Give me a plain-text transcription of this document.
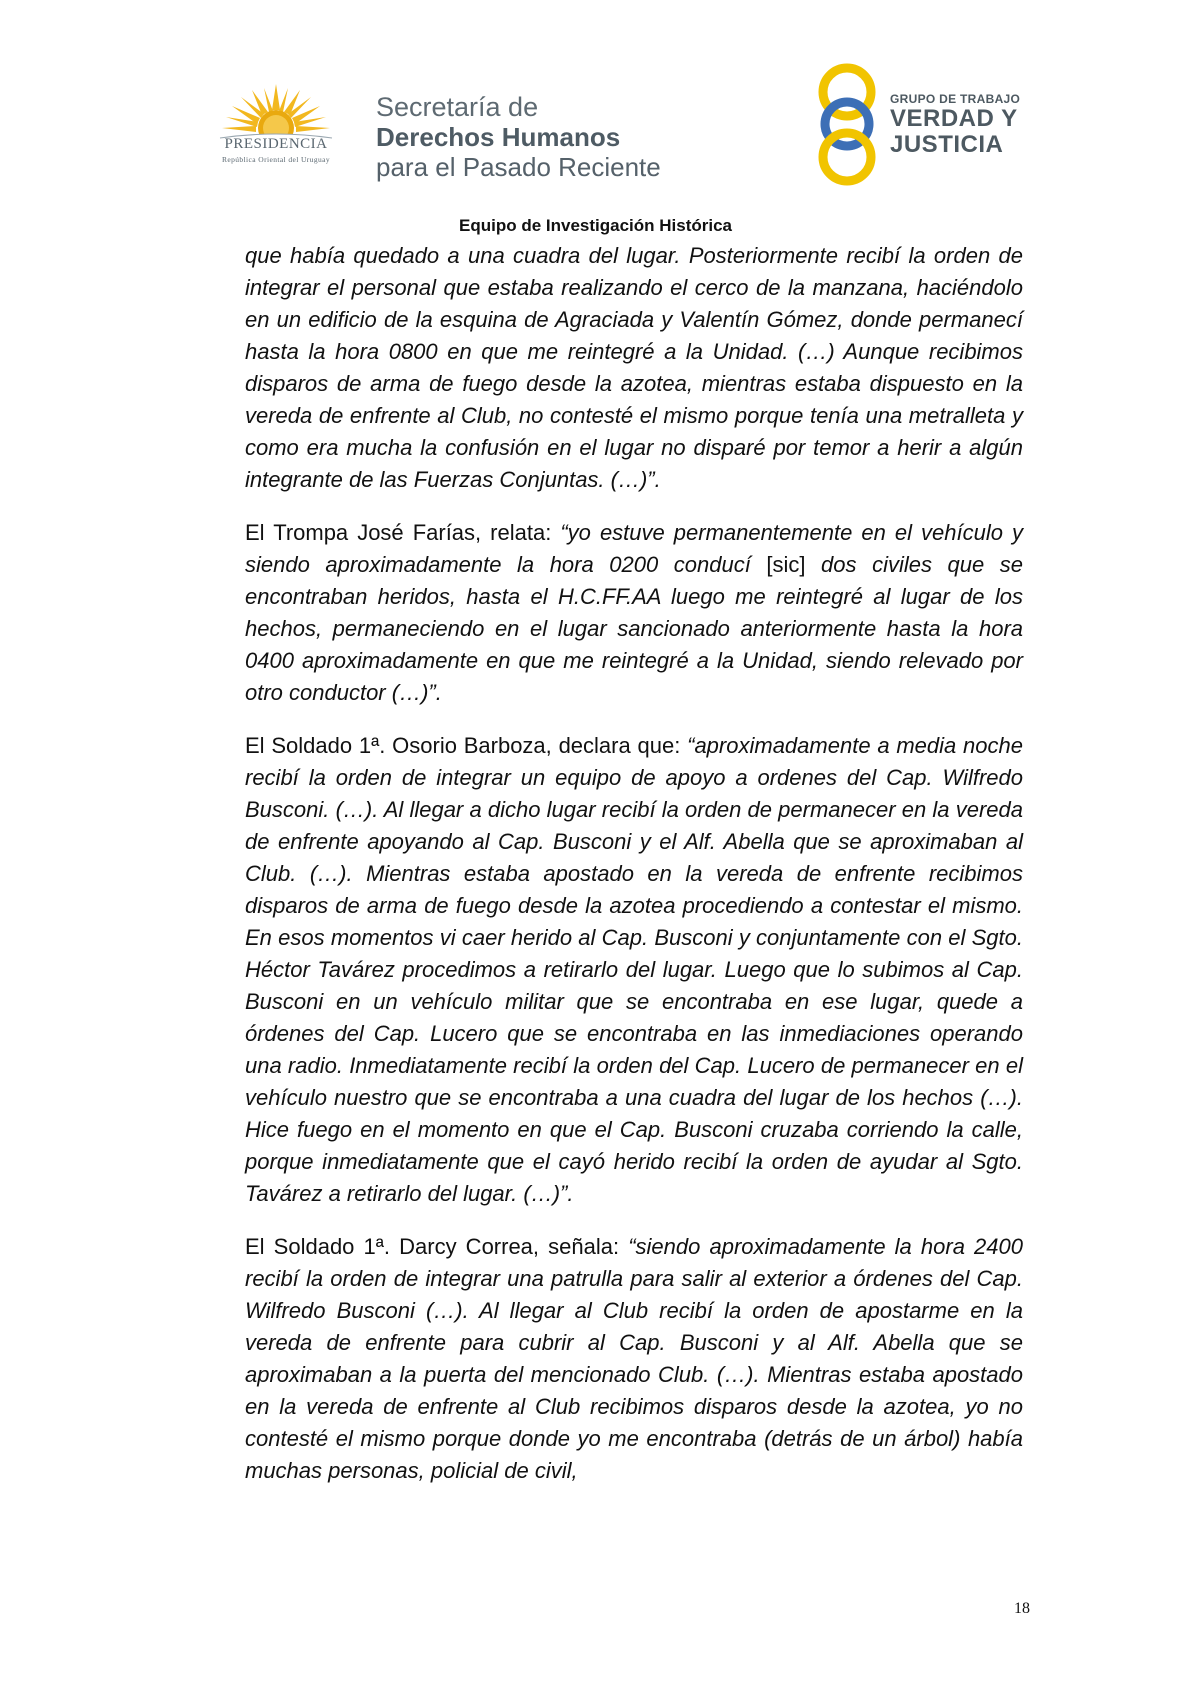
PRESIDENCIA
República Oriental del Uruguay
Secretaría de
Derechos Humanos
para el Pasado Reciente
GRUPO DE TRABAJO
VERDAD Y
JUSTICIA
Equipo de Investigación Histórica

que había quedado a una cuadra del lugar. Posteriormente recibí la orden de integrar el personal que estaba realizando el cerco de la manzana, haciéndolo en un edificio de la esquina de Agraciada y Valentín Gómez, donde permanecí hasta la hora 0800 en que me reintegré a la Unidad. (…) Aunque recibimos disparos de arma de fuego desde la azotea, mientras estaba dispuesto en la vereda de enfrente al Club, no contesté el mismo porque tenía una metralleta y como era mucha la confusión en el lugar no disparé por temor a herir a algún integrante de las Fuerzas Conjuntas. (…)”.

El Trompa José Farías, relata: “yo estuve permanentemente en el vehículo y siendo aproximadamente la hora 0200 conducí [sic] dos civiles que se encontraban heridos, hasta el H.C.FF.AA luego me reintegré al lugar de los hechos, permaneciendo en el lugar sancionado anteriormente hasta la hora 0400 aproximadamente en que me reintegré a la Unidad, siendo relevado por otro conductor (…)”.

El Soldado 1ª. Osorio Barboza, declara que: “aproximadamente a media noche recibí la orden de integrar un equipo de apoyo a ordenes del Cap. Wilfredo Busconi. (…). Al llegar a dicho lugar recibí la orden de permanecer en la vereda de enfrente apoyando al Cap. Busconi y el Alf. Abella que se aproximaban al Club. (…). Mientras estaba apostado en la vereda de enfrente recibimos disparos de arma de fuego desde la azotea procediendo a contestar el mismo. En esos momentos vi caer herido al Cap. Busconi y conjuntamente con el Sgto. Héctor Tavárez procedimos a retirarlo del lugar. Luego que lo subimos al Cap. Busconi en un vehículo militar que se encontraba en ese lugar, quede a órdenes del Cap. Lucero que se encontraba en las inmediaciones operando una radio. Inmediatamente recibí la orden del Cap. Lucero de permanecer en el vehículo nuestro que se encontraba a una cuadra del lugar de los hechos (…). Hice fuego en el momento en que el Cap. Busconi cruzaba corriendo la calle, porque inmediatamente que el cayó herido recibí la orden de ayudar al Sgto. Tavárez a retirarlo del lugar. (…)”.

El Soldado 1ª. Darcy Correa, señala: “siendo aproximadamente la hora 2400 recibí la orden de integrar una patrulla para salir al exterior a órdenes del Cap. Wilfredo Busconi (…). Al llegar al Club recibí la orden de apostarme en la vereda de enfrente para cubrir al Cap. Busconi y al Alf. Abella que se aproximaban a la puerta del mencionado Club. (…). Mientras estaba apostado en la vereda de enfrente al Club recibimos disparos desde la azotea, yo no contesté el mismo porque donde yo me encontraba (detrás de un árbol) había muchas personas, policial de civil,

18
